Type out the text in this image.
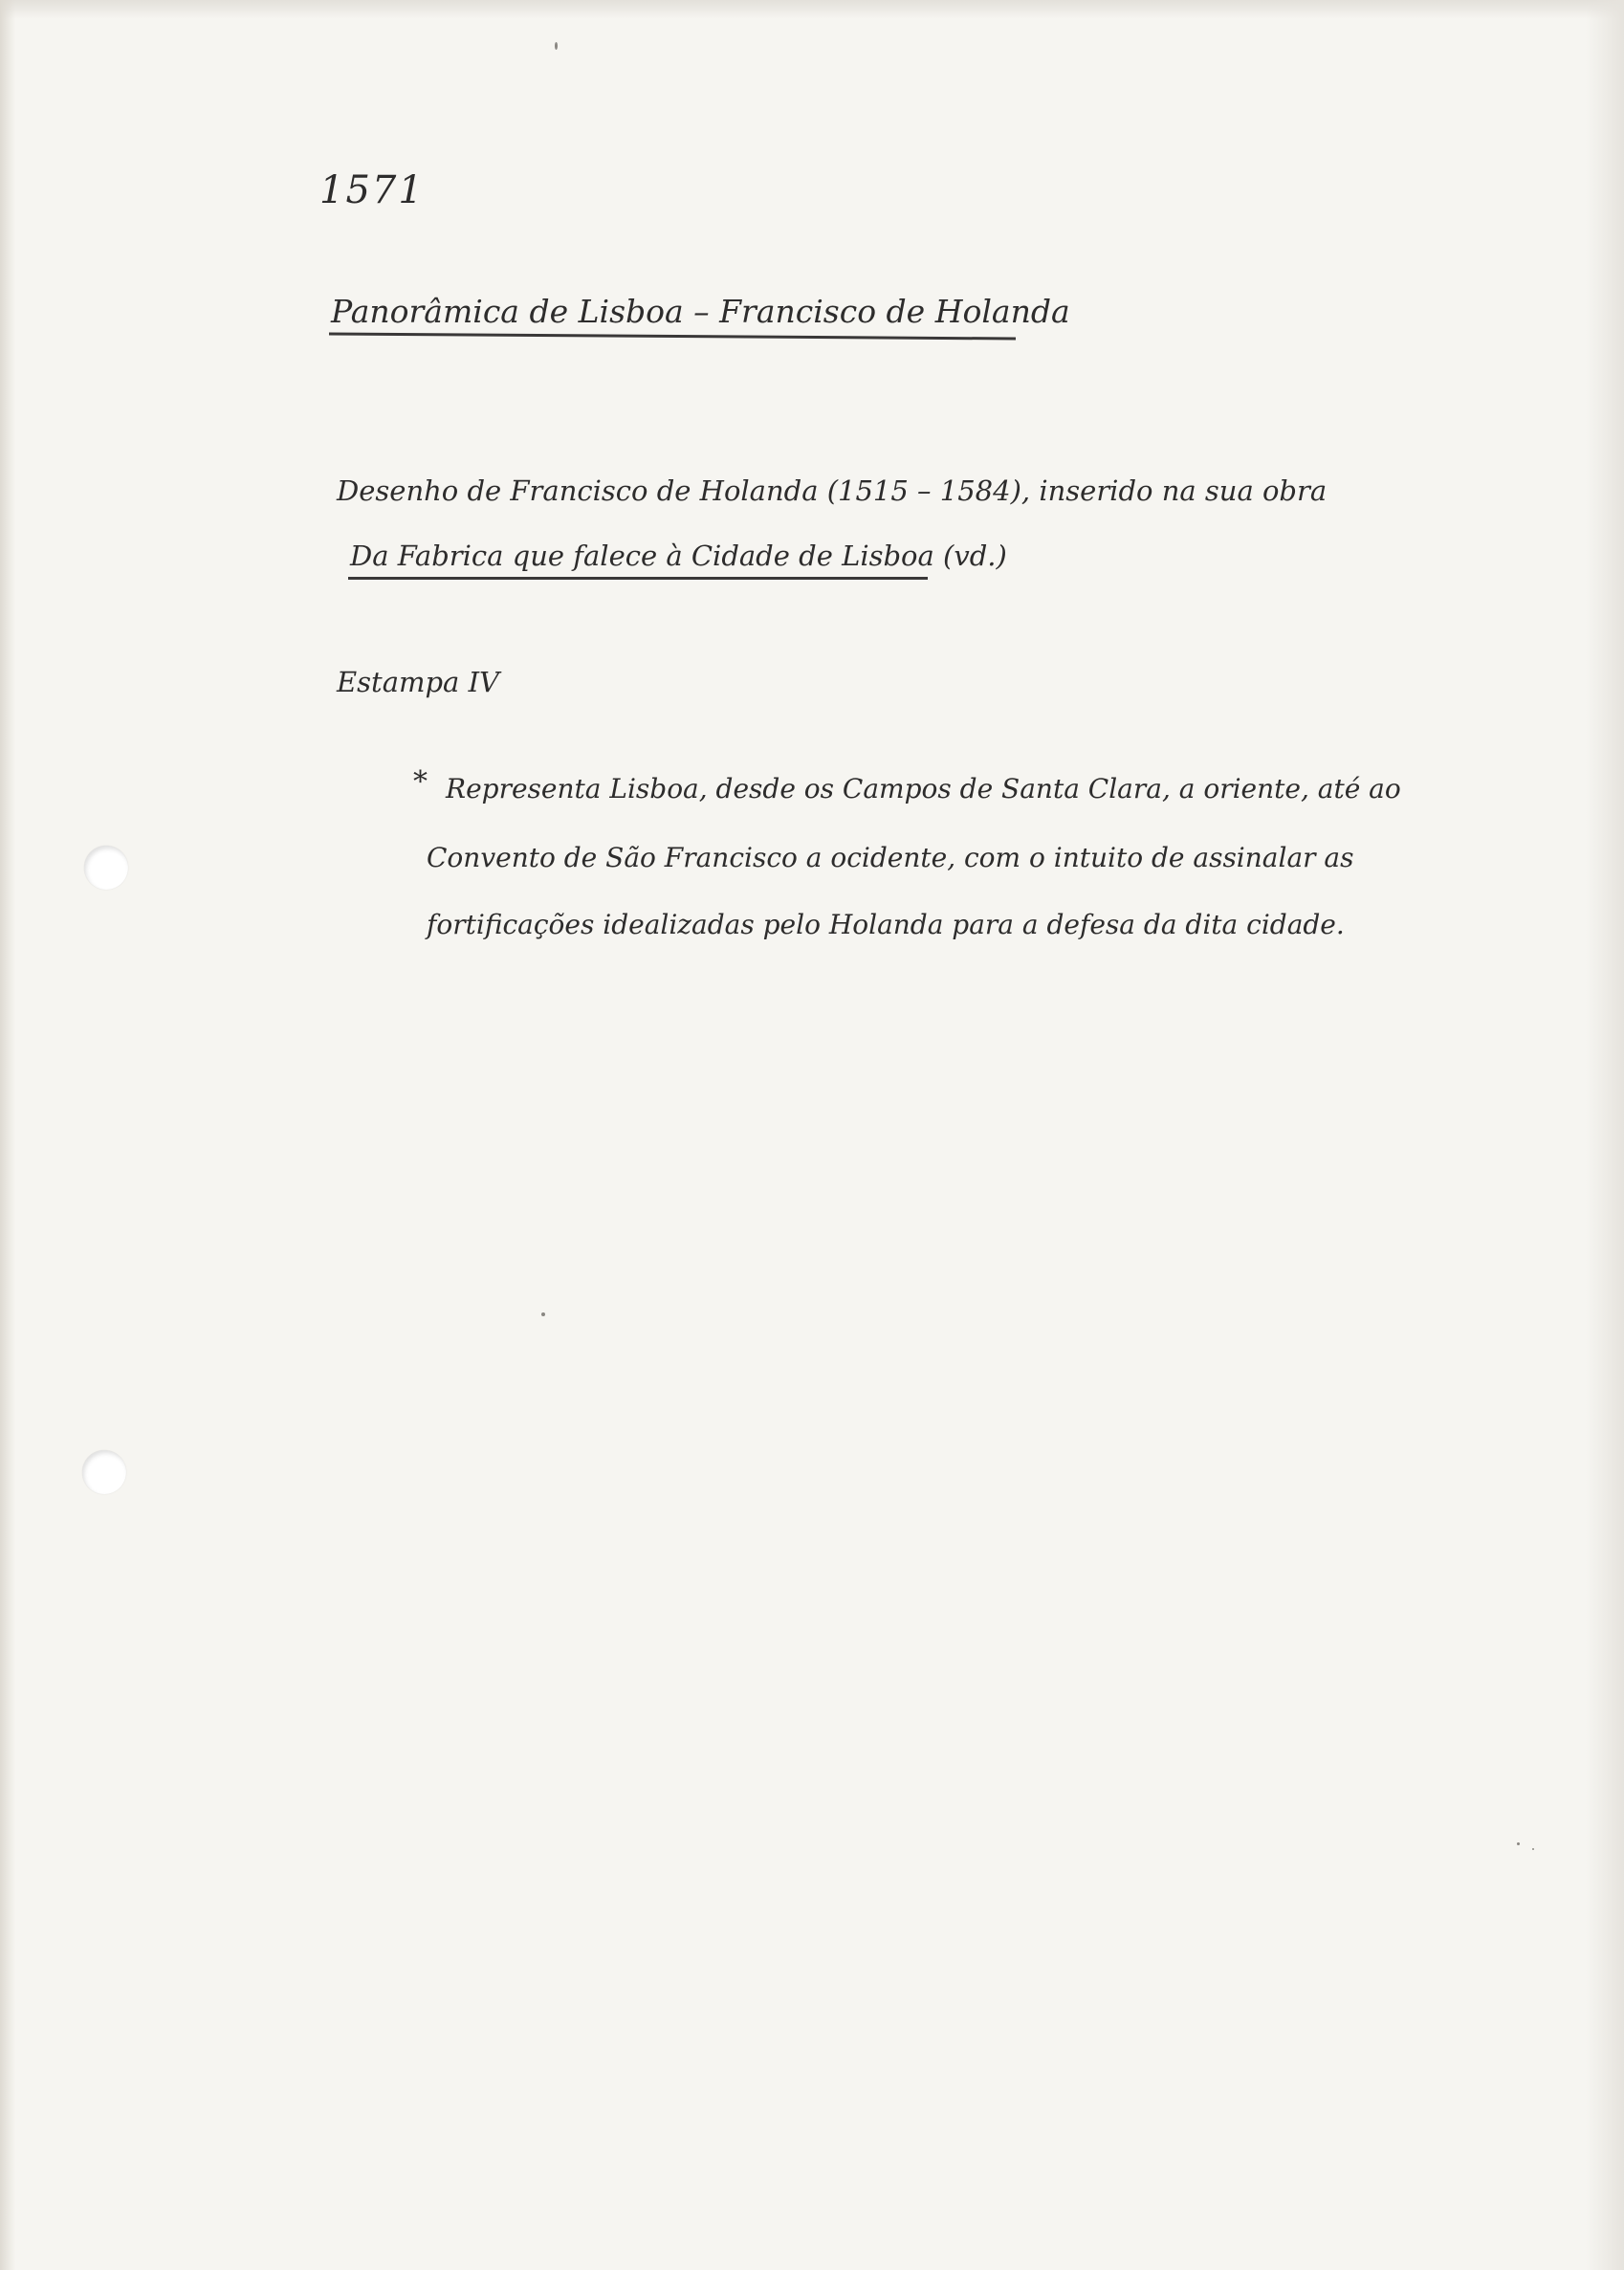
1571

Panorâmica de Lisboa – Francisco de Holanda

Desenho de Francisco de Holanda (1515 – 1584), inserido na sua obra

Da Fabrica que falece à Cidade de Lisboa (vd.)

Estampa IV

* Representa Lisboa, desde os Campos de Santa Clara, a oriente, até ao

Convento de São Francisco a ocidente, com o intuito de assinalar as

fortificações idealizadas pelo Holanda para a defesa da dita cidade.
